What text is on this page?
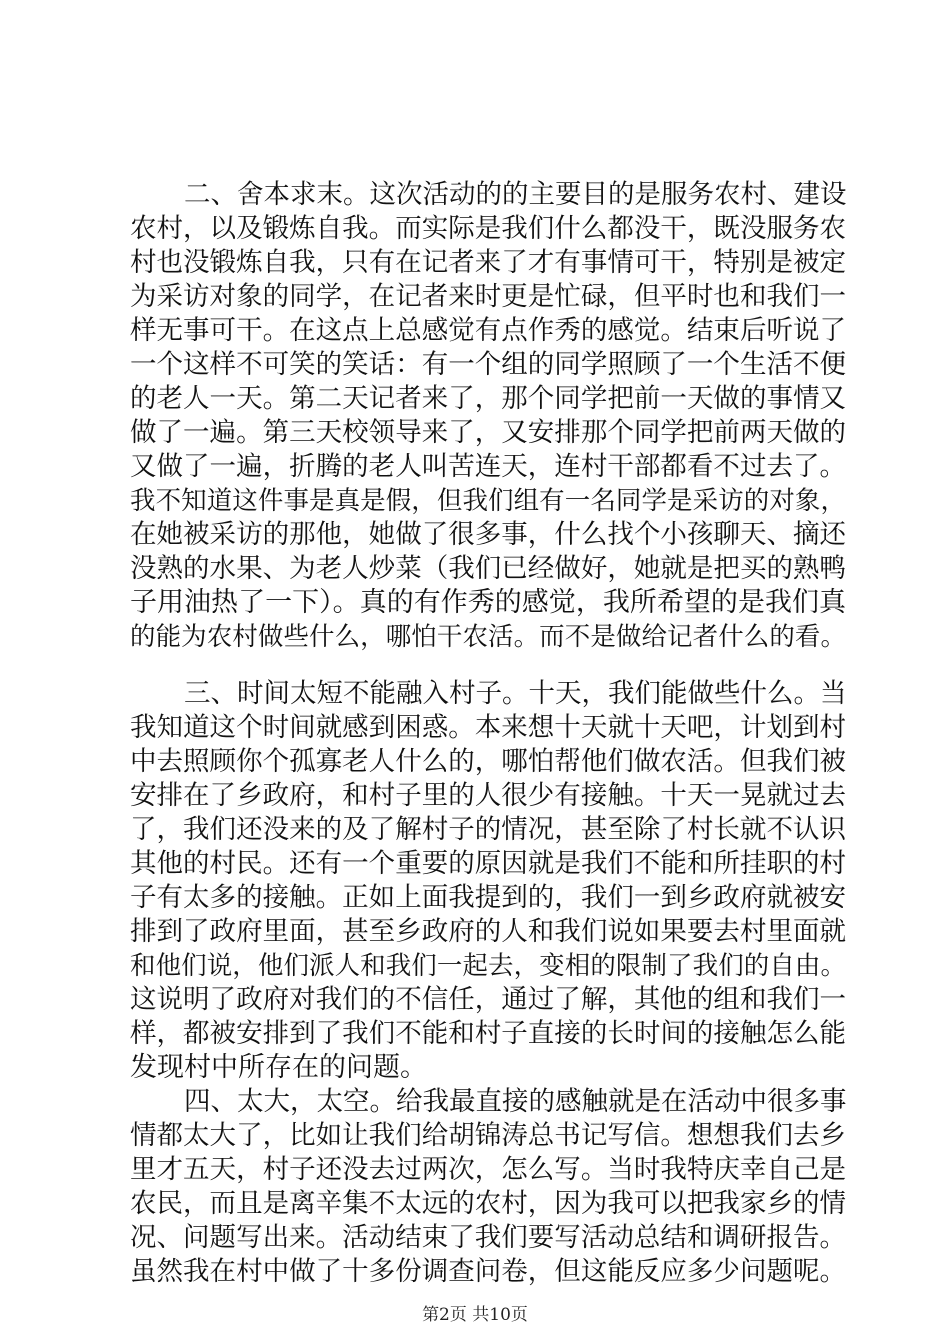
二、舍本求末。这次活动的的主要目的是服务农村、建设
农村，以及锻炼自我。而实际是我们什么都没干，既没服务农
村也没锻炼自我，只有在记者来了才有事情可干，特别是被定
为采访对象的同学，在记者来时更是忙碌，但平时也和我们一
样无事可干。在这点上总感觉有点作秀的感觉。结束后听说了
一个这样不可笑的笑话：有一个组的同学照顾了一个生活不便
的老人一天。第二天记者来了，那个同学把前一天做的事情又
做了一遍。第三天校领导来了，又安排那个同学把前两天做的
又做了一遍，折腾的老人叫苦连天，连村干部都看不过去了。
我不知道这件事是真是假，但我们组有一名同学是采访的对象，
在她被采访的那他，她做了很多事，什么找个小孩聊天、摘还
没熟的水果、为老人炒菜（我们已经做好，她就是把买的熟鸭
子用油热了一下）。真的有作秀的感觉，我所希望的是我们真
的能为农村做些什么，哪怕干农活。而不是做给记者什么的看。
三、时间太短不能融入村子。十天，我们能做些什么。当
我知道这个时间就感到困惑。本来想十天就十天吧，计划到村
中去照顾你个孤寡老人什么的，哪怕帮他们做农活。但我们被
安排在了乡政府，和村子里的人很少有接触。十天一晃就过去
了，我们还没来的及了解村子的情况，甚至除了村长就不认识
其他的村民。还有一个重要的原因就是我们不能和所挂职的村
子有太多的接触。正如上面我提到的，我们一到乡政府就被安
排到了政府里面，甚至乡政府的人和我们说如果要去村里面就
和他们说，他们派人和我们一起去，变相的限制了我们的自由。
这说明了政府对我们的不信任，通过了解，其他的组和我们一
样，都被安排到了我们不能和村子直接的长时间的接触怎么能
发现村中所存在的问题。
四、太大，太空。给我最直接的感触就是在活动中很多事
情都太大了，比如让我们给胡锦涛总书记写信。想想我们去乡
里才五天，村子还没去过两次，怎么写。当时我特庆幸自己是
农民，而且是离辛集不太远的农村，因为我可以把我家乡的情
况、问题写出来。活动结束了我们要写活动总结和调研报告。
虽然我在村中做了十多份调查问卷，但这能反应多少问题呢。
第2页 共10页
